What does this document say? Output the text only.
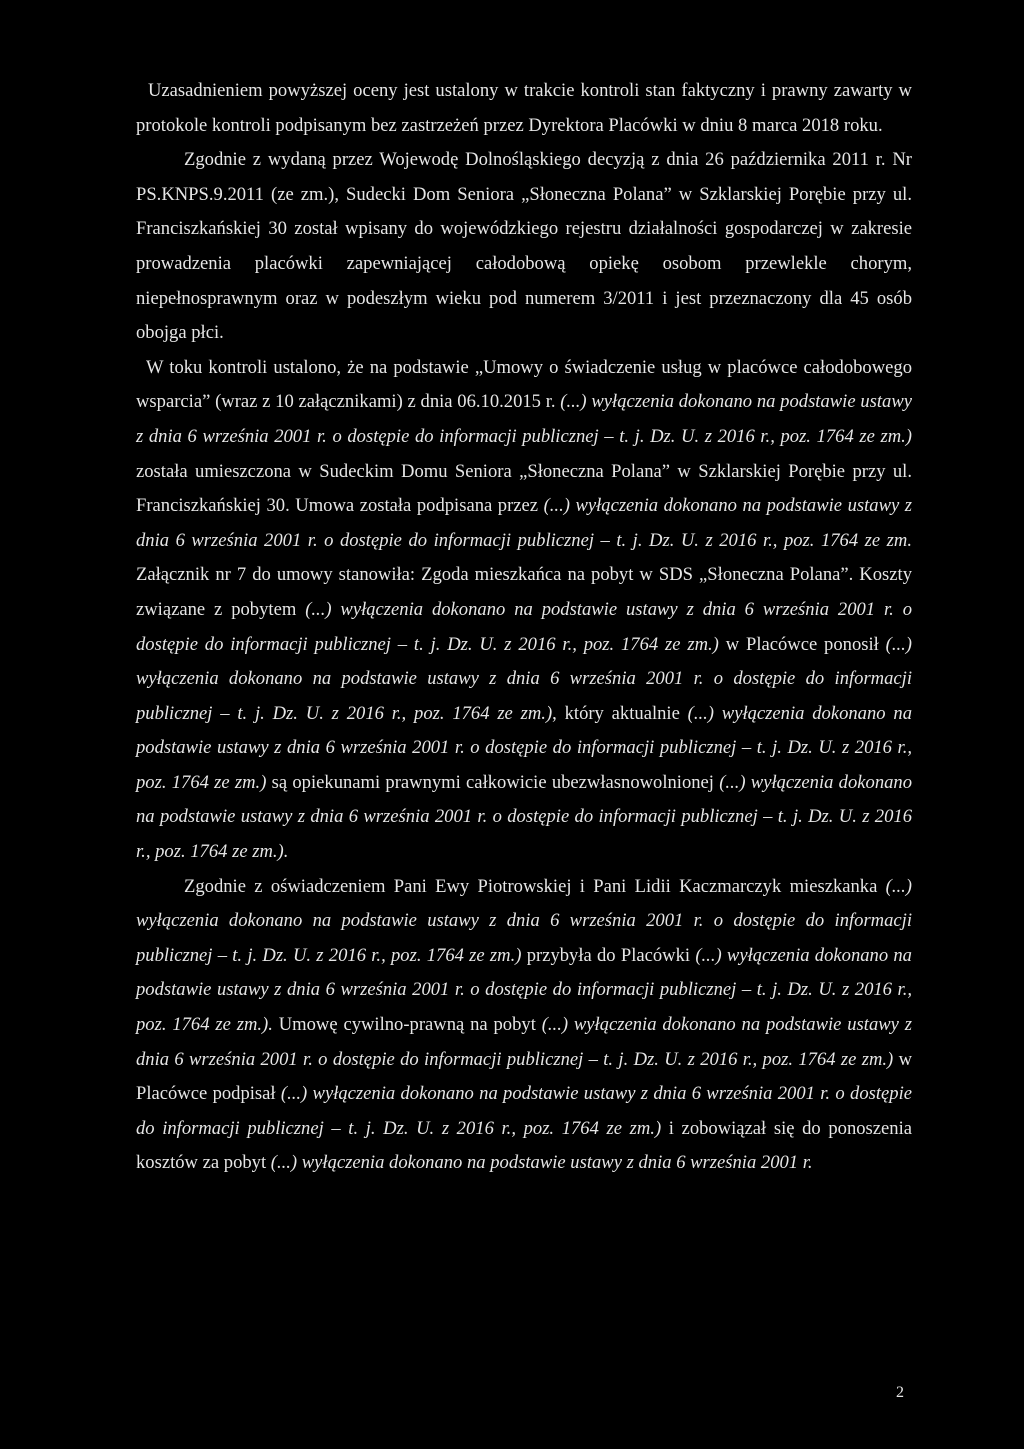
Uzasadnieniem powyższej oceny jest ustalony w trakcie kontroli stan faktyczny i prawny zawarty w protokole kontroli podpisanym bez zastrzeżeń przez Dyrektora Placówki w dniu 8 marca 2018 roku.

Zgodnie z wydaną przez Wojewodę Dolnośląskiego decyzją z dnia 26 października 2011 r. Nr PS.KNPS.9.2011 (ze zm.), Sudecki Dom Seniora „Słoneczna Polana” w Szklarskiej Porębie przy ul. Franciszkańskiej 30 został wpisany do wojewódzkiego rejestru działalności gospodarczej w zakresie prowadzenia placówki zapewniającej całodobową opiekę osobom przewlekle chorym, niepełnosprawnym oraz w podeszłym wieku pod numerem 3/2011 i jest przeznaczony dla 45 osób obojga płci.

W toku kontroli ustalono, że na podstawie „Umowy o świadczenie usług w placówce całodobowego wsparcia” (wraz z 10 załącznikami) z dnia 06.10.2015 r. (...) wyłączenia dokonano na podstawie ustawy z dnia 6 września 2001 r. o dostępie do informacji publicznej – t. j. Dz. U. z 2016 r., poz. 1764 ze zm.) została umieszczona w Sudeckim Domu Seniora „Słoneczna Polana” w Szklarskiej Porębie przy ul. Franciszkańskiej 30. Umowa została podpisana przez (...) wyłączenia dokonano na podstawie ustawy z dnia 6 września 2001 r. o dostępie do informacji publicznej – t. j. Dz. U. z 2016 r., poz. 1764 ze zm. Załącznik nr 7 do umowy stanowiła: Zgoda mieszkańca na pobyt w SDS „Słoneczna Polana”. Koszty związane z pobytem (...) wyłączenia dokonano na podstawie ustawy z dnia 6 września 2001 r. o dostępie do informacji publicznej – t. j. Dz. U. z 2016 r., poz. 1764 ze zm.) w Placówce ponosił (...) wyłączenia dokonano na podstawie ustawy z dnia 6 września 2001 r. o dostępie do informacji publicznej – t. j. Dz. U. z 2016 r., poz. 1764 ze zm.), który aktualnie (...) wyłączenia dokonano na podstawie ustawy z dnia 6 września 2001 r. o dostępie do informacji publicznej – t. j. Dz. U. z 2016 r., poz. 1764 ze zm.) są opiekunami prawnymi całkowicie ubezwłasnowolnionej (...) wyłączenia dokonano na podstawie ustawy z dnia 6 września 2001 r. o dostępie do informacji publicznej – t. j. Dz. U. z 2016 r., poz. 1764 ze zm.).

Zgodnie z oświadczeniem Pani Ewy Piotrowskiej i Pani Lidii Kaczmarczyk mieszkanka (...) wyłączenia dokonano na podstawie ustawy z dnia 6 września 2001 r. o dostępie do informacji publicznej – t. j. Dz. U. z 2016 r., poz. 1764 ze zm.) przybyła do Placówki (...) wyłączenia dokonano na podstawie ustawy z dnia 6 września 2001 r. o dostępie do informacji publicznej – t. j. Dz. U. z 2016 r., poz. 1764 ze zm.). Umowę cywilno-prawną na pobyt (...) wyłączenia dokonano na podstawie ustawy z dnia 6 września 2001 r. o dostępie do informacji publicznej – t. j. Dz. U. z 2016 r., poz. 1764 ze zm.) w Placówce podpisał (...) wyłączenia dokonano na podstawie ustawy z dnia 6 września 2001 r. o dostępie do informacji publicznej – t. j. Dz. U. z 2016 r., poz. 1764 ze zm.) i zobowiązał się do ponoszenia kosztów za pobyt (...) wyłączenia dokonano na podstawie ustawy z dnia 6 września 2001 r.

2
